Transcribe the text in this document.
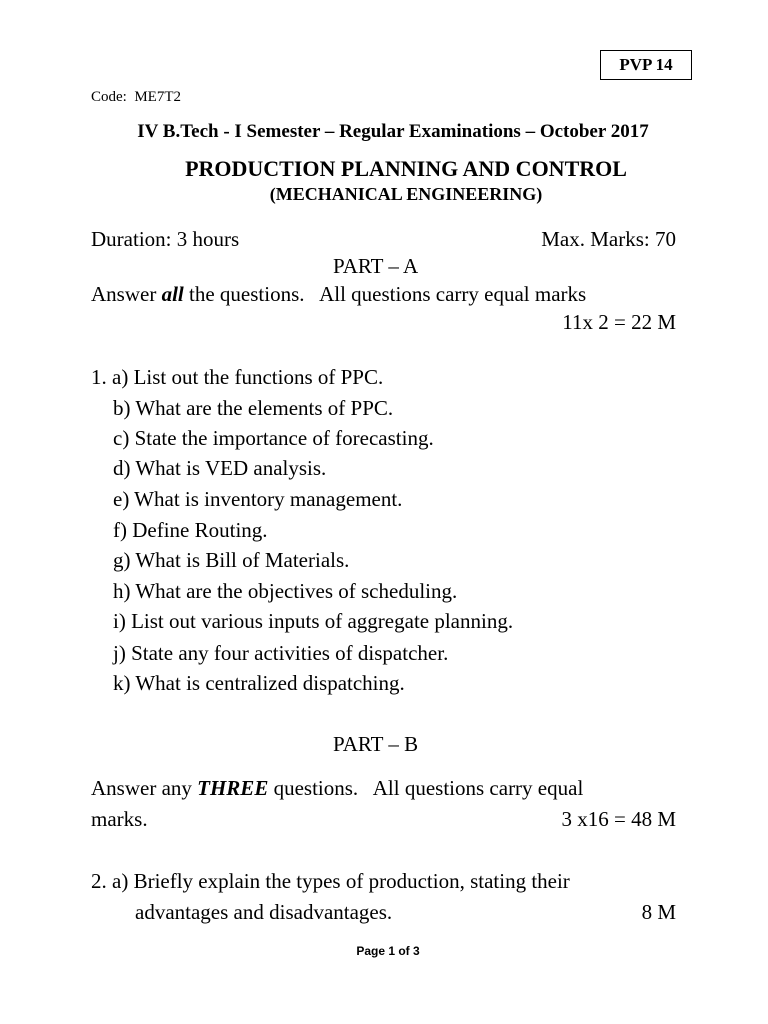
PVP 14
Code: ME7T2
IV B.Tech - I Semester – Regular Examinations – October 2017
PRODUCTION PLANNING AND CONTROL
(MECHANICAL ENGINEERING)
Duration: 3 hours	Max. Marks: 70
PART – A
Answer all the questions.   All questions carry equal marks
11x 2 = 22 M
1. a) List out the functions of PPC.
b) What are the elements of PPC.
c) State the importance of forecasting.
d) What is VED analysis.
e) What is inventory management.
f) Define Routing.
g) What is Bill of Materials.
h) What are the objectives of scheduling.
i) List out various inputs of aggregate planning.
j) State any four activities of dispatcher.
k) What is centralized dispatching.
PART – B
Answer any THREE questions.   All questions carry equal
marks.	3 x16 = 48 M
2. a) Briefly explain the types of production, stating their
advantages and disadvantages.	8 M
Page 1 of 3
